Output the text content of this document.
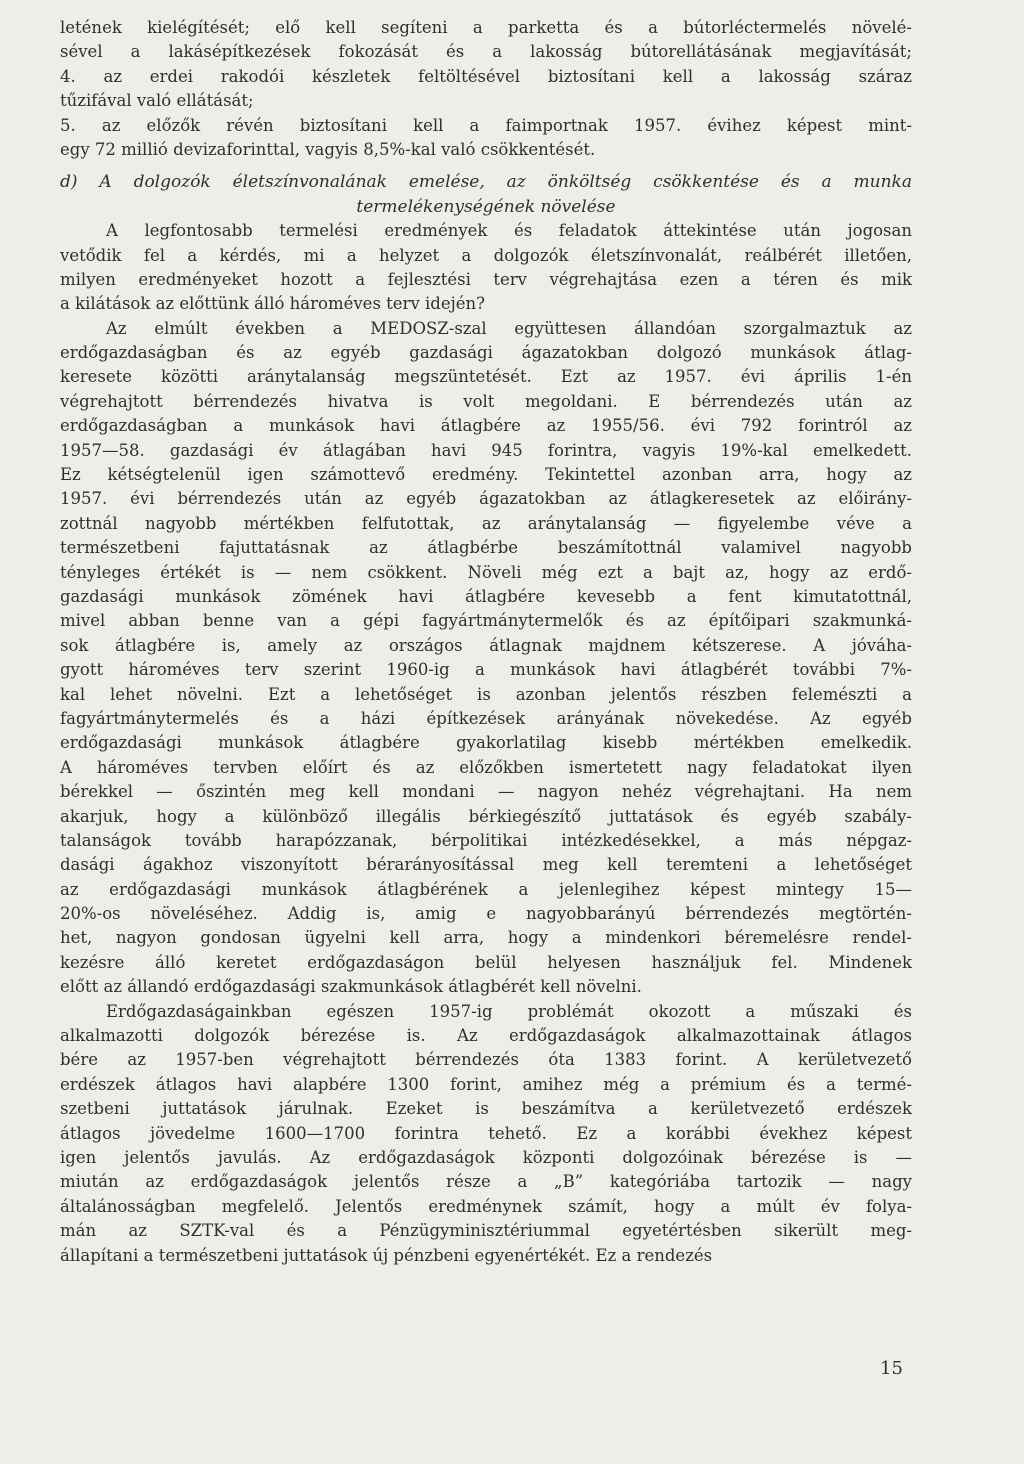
letének kielégítését; elő kell segíteni a parketta és a bútorléctermelés növelé-
sével a lakásépítkezések fokozását és a lakosság bútorellátásának megjavítását;
4. az erdei rakodói készletek feltöltésével biztosítani kell a lakosság száraz
tűzifával való ellátását;
5. az előzők révén biztosítani kell a faimportnak 1957. évihez képest mint-
egy 72 millió devizaforinttal, vagyis 8,5%-kal való csökkentését.
d) A dolgozók életszínvonalának emelése, az önköltség csökkentése és a munka
termelékenységének növelése
A legfontosabb termelési eredmények és feladatok áttekintése után jogosan
vetődik fel a kérdés, mi a helyzet a dolgozók életszínvonalát, reálbérét illetően,
milyen eredményeket hozott a fejlesztési terv végrehajtása ezen a téren és mik
a kilátások az előttünk álló hároméves terv idején?
Az elmúlt években a MEDOSZ-szal együttesen állandóan szorgalmaztuk az
erdőgazdaságban és az egyéb gazdasági ágazatokban dolgozó munkások átlag-
keresete közötti aránytalanság megszüntetését. Ezt az 1957. évi április 1-én
végrehajtott bérrendezés hivatva is volt megoldani. E bérrendezés után az
erdőgazdaságban a munkások havi átlagbére az 1955/56. évi 792 forintról az
1957—58. gazdasági év átlagában havi 945 forintra, vagyis 19%-kal emelkedett.
Ez kétségtelenül igen számottevő eredmény. Tekintettel azonban arra, hogy az
1957. évi bérrendezés után az egyéb ágazatokban az átlagkeresetek az előirány-
zottnál nagyobb mértékben felfutottak, az aránytalanság — figyelembe véve a
természetbeni fajuttatásnak az átlagbérbe beszámítottnál valamivel nagyobb
tényleges értékét is — nem csökkent. Növeli még ezt a bajt az, hogy az erdő-
gazdasági munkások zömének havi átlagbére kevesebb a fent kimutatottnál,
mivel abban benne van a gépi fagyártmánytermelők és az építőipari szakmunká-
sok átlagbére is, amely az országos átlagnak majdnem kétszerese. A jóváha-
gyott hároméves terv szerint 1960-ig a munkások havi átlagbérét további 7%-
kal lehet növelni. Ezt a lehetőséget is azonban jelentős részben felemészti a
fagyártmánytermelés és a házi építkezések arányának növekedése. Az egyéb
erdőgazdasági munkások átlagbére gyakorlatilag kisebb mértékben emelkedik.
A hároméves tervben előírt és az előzőkben ismertetett nagy feladatokat ilyen
bérekkel — őszintén meg kell mondani — nagyon nehéz végrehajtani. Ha nem
akarjuk, hogy a különböző illegális bérkiegészítő juttatások és egyéb szabály-
talanságok tovább harapózzanak, bérpolitikai intézkedésekkel, a más népgaz-
dasági ágakhoz viszonyított bérarányosítással meg kell teremteni a lehetőséget
az erdőgazdasági munkások átlagbérének a jelenlegihez képest mintegy 15—
20%-os növeléséhez. Addig is, amig e nagyobbarányú bérrendezés megtörtén-
het, nagyon gondosan ügyelni kell arra, hogy a mindenkori béremelésre rendel-
kezésre álló keretet erdőgazdaságon belül helyesen használjuk fel. Mindenek
előtt az állandó erdőgazdasági szakmunkások átlagbérét kell növelni.
Erdőgazdaságainkban egészen 1957-ig problémát okozott a műszaki és
alkalmazotti dolgozók bérezése is. Az erdőgazdaságok alkalmazottainak átlagos
bére az 1957-ben végrehajtott bérrendezés óta 1383 forint. A kerületvezető
erdészek átlagos havi alapbére 1300 forint, amihez még a prémium és a termé-
szetbeni juttatások járulnak. Ezeket is beszámítva a kerületvezető erdészek
átlagos jövedelme 1600—1700 forintra tehető. Ez a korábbi évekhez képest
igen jelentős javulás. Az erdőgazdaságok központi dolgozóinak bérezése is —
miután az erdőgazdaságok jelentős része a „B” kategóriába tartozik — nagy
általánosságban megfelelő. Jelentős eredménynek számít, hogy a múlt év folya-
mán az SZTK-val és a Pénzügyminisztériummal egyetértésben sikerült meg-
állapítani a természetbeni juttatások új pénzbeni egyenértékét. Ez a rendezés
15
